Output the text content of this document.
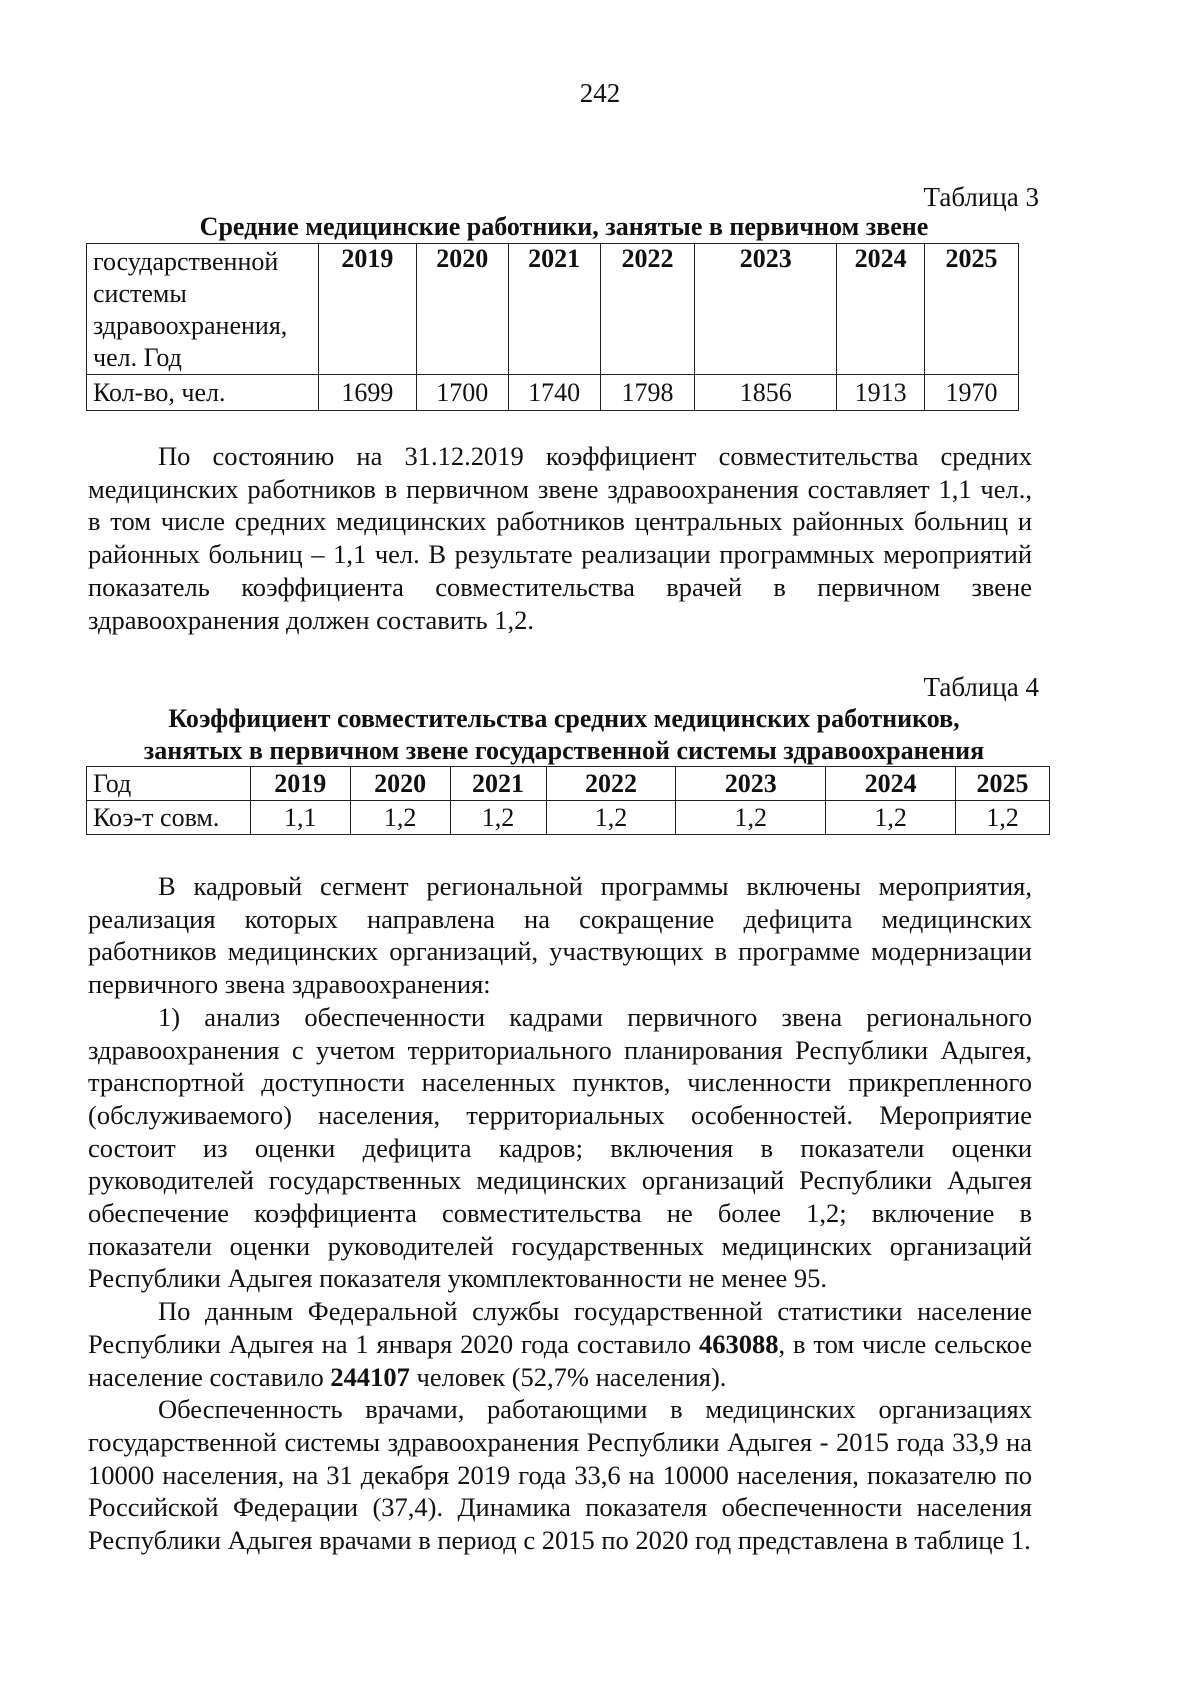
242
Таблица 3

Средние медицинские работники, занятые в первичном звене

государственной системы здравоохранения, чел. Год	2019	2020	2021	2022	2023	2024	2025
Кол-во, чел.	1699	1700	1740	1798	1856	1913	1970

По состоянию на 31.12.2019 коэффициент совместительства средних медицинских работников в первичном звене здравоохранения составляет 1,1 чел., в том числе средних медицинских работников центральных районных больниц и районных больниц – 1,1 чел. В результате реализации программных мероприятий показатель коэффициента совместительства врачей в первичном звене здравоохранения должен составить 1,2.

Таблица 4

Коэффициент совместительства средних медицинских работников,

занятых в первичном звене государственной системы здравоохранения

Год	2019	2020	2021	2022	2023	2024	2025
Коэ-т совм.	1,1	1,2	1,2	1,2	1,2	1,2	1,2

В кадровый сегмент региональной программы включены мероприятия, реализация которых направлена на сокращение дефицита медицинских работников медицинских организаций, участвующих в программе модернизации первичного звена здравоохранения:

1) анализ обеспеченности кадрами первичного звена регионального здравоохранения с учетом территориального планирования Республики Адыгея, транспортной доступности населенных пунктов, численности прикрепленного (обслуживаемого) населения, территориальных особенностей. Мероприятие состоит из оценки дефицита кадров; включения в показатели оценки руководителей государственных медицинских организаций Республики Адыгея обеспечение коэффициента совместительства не более 1,2; включение в показатели оценки руководителей государственных медицинских организаций Республики Адыгея показателя укомплектованности не менее 95.

По данным Федеральной службы государственной статистики население Республики Адыгея на 1 января 2020 года составило 463088, в том числе сельское население составило 244107 человек (52,7% населения).

Обеспеченность врачами, работающими в медицинских организациях государственной системы здравоохранения Республики Адыгея - 2015 года 33,9 на 10000 населения, на 31 декабря 2019 года 33,6 на 10000 населения, показателю по Российской Федерации (37,4). Динамика показателя обеспеченности населения Республики Адыгея врачами в период с 2015 по 2020 год представлена в таблице 1.
